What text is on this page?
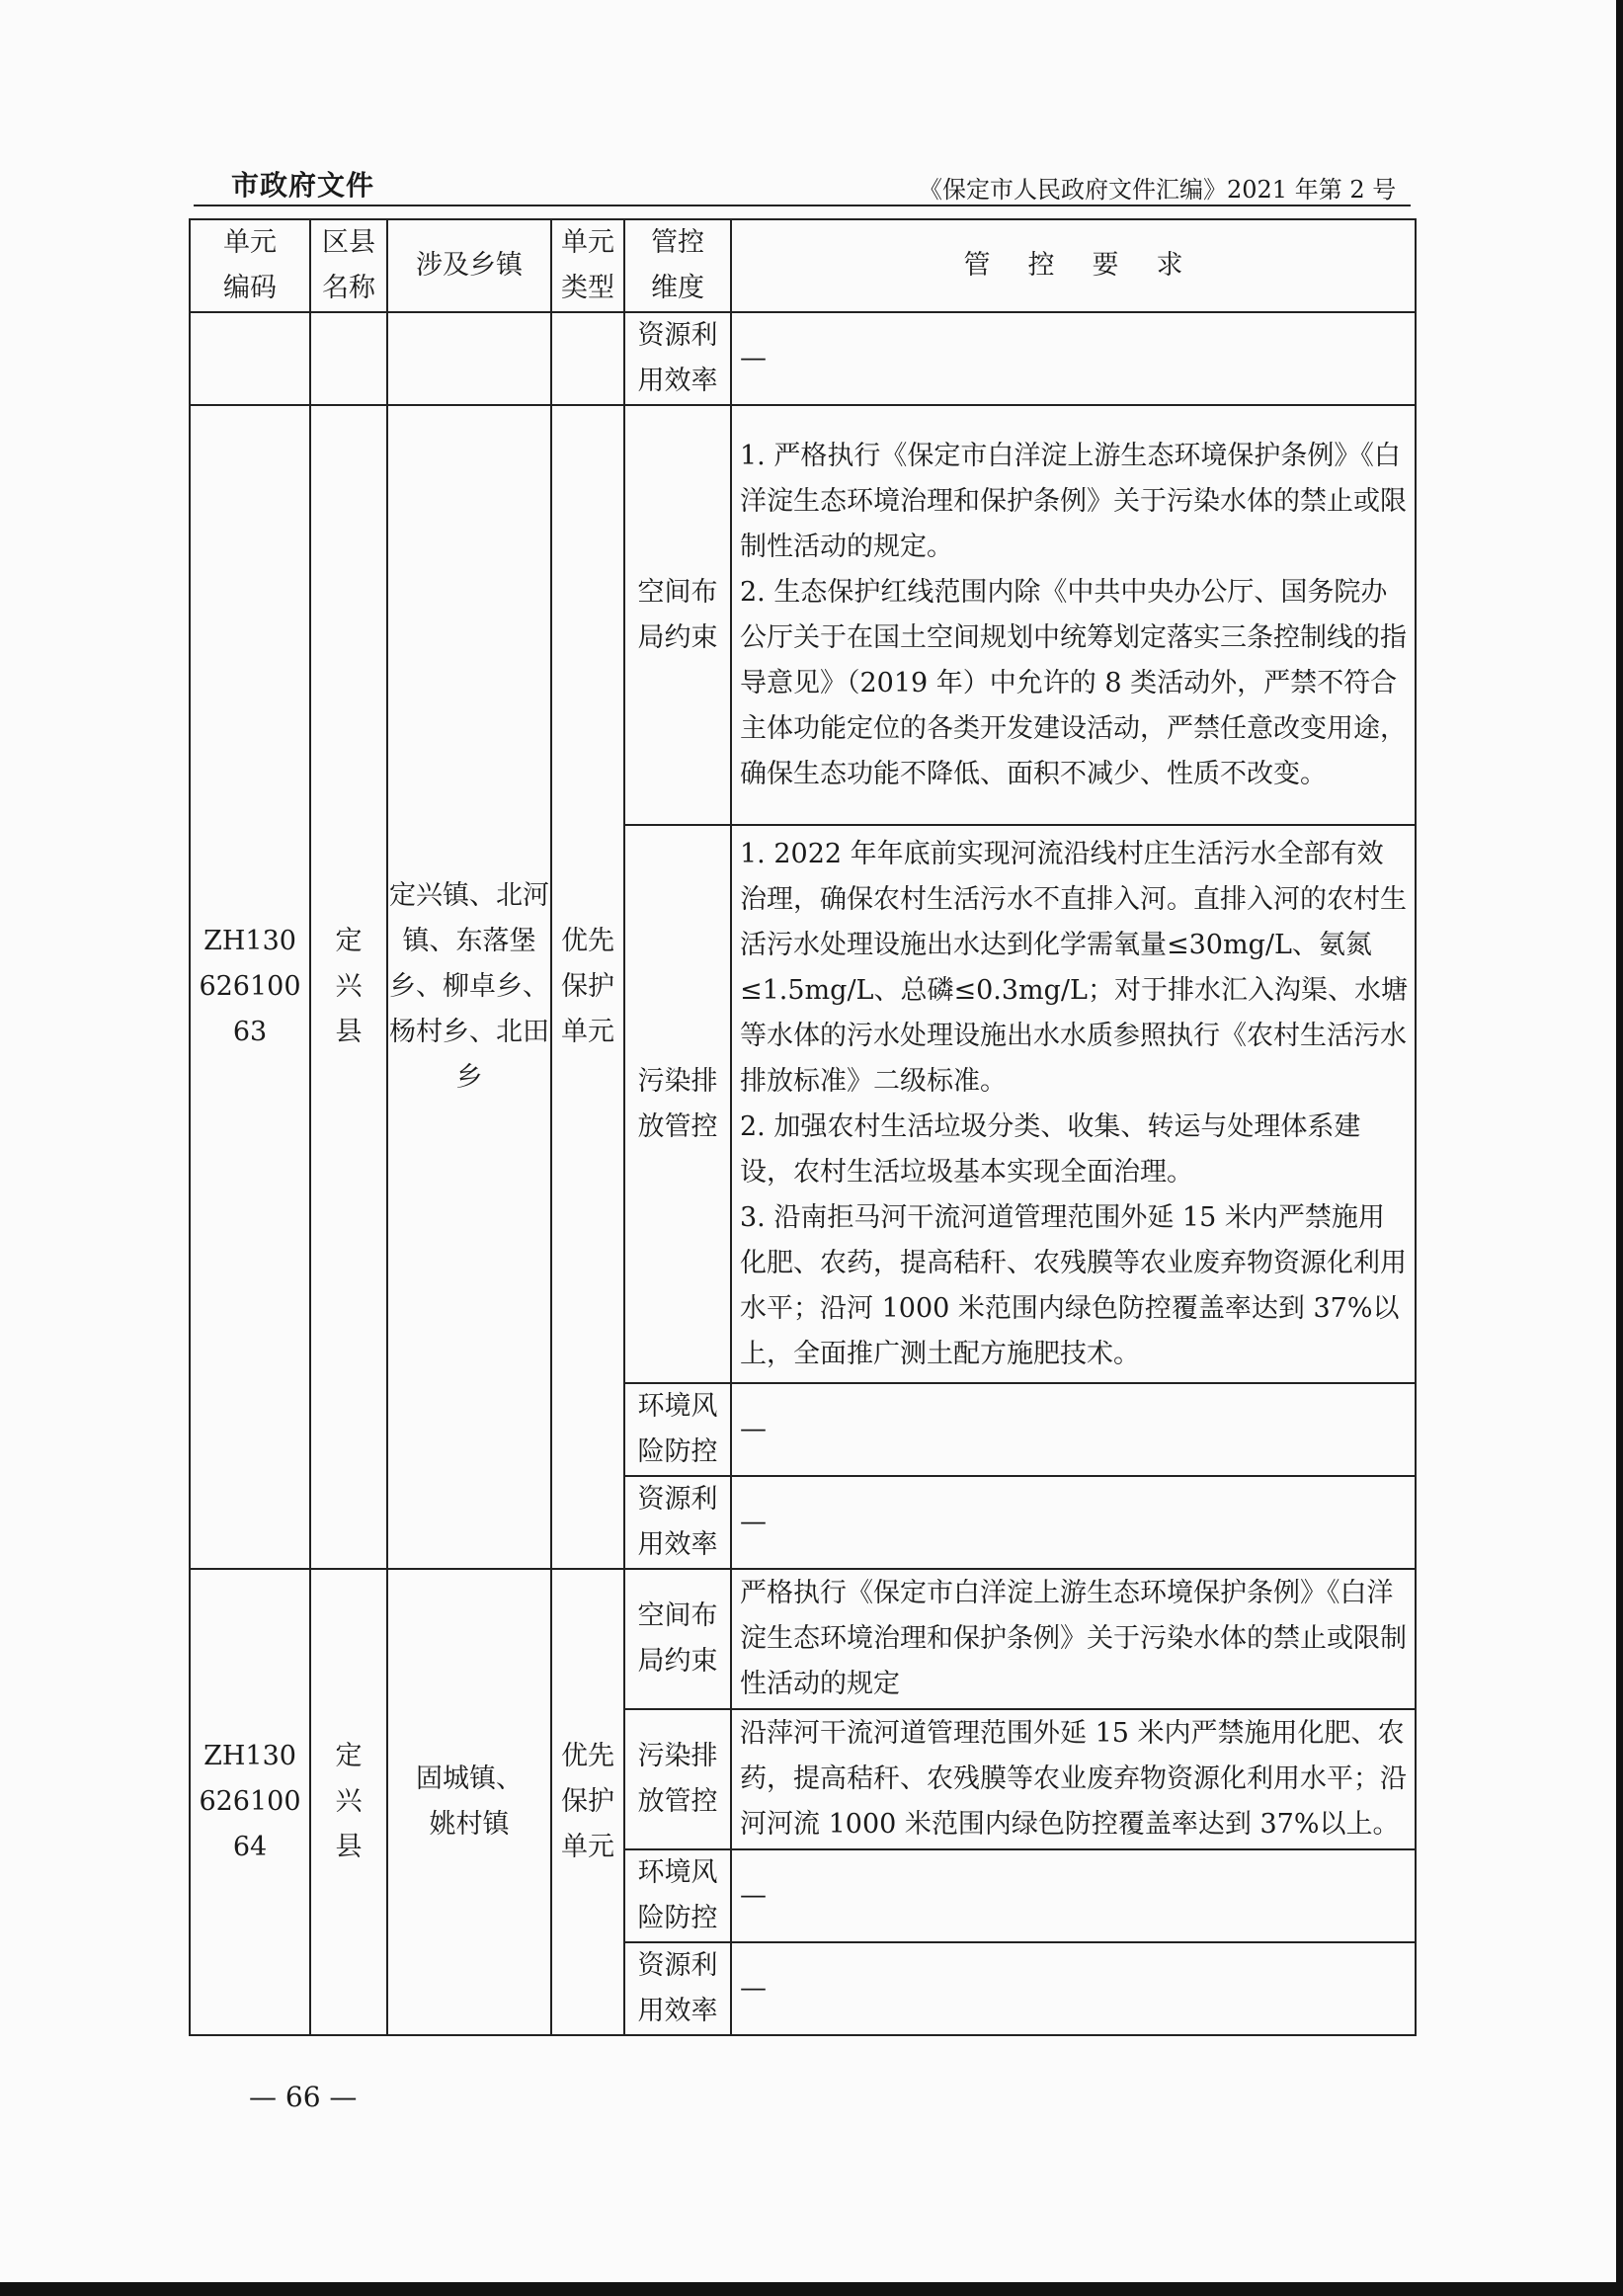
市政府文件	《保定市人民政府文件汇编》2021 年第 2 号
单元编码	区县名称	涉及乡镇	单元类型	管控维度	管控要求
				资源利用效率	—
ZH13062610063	定兴县	定兴镇、北河镇、东落堡乡、柳卓乡、杨村乡、北田乡	优先保护单元	空间布局约束	1. 严格执行《保定市白洋淀上游生态环境保护条例》《白洋淀生态环境治理和保护条例》关于污染水体的禁止或限制性活动的规定。

2. 生态保护红线范围内除《中共中央办公厅、国务院办公厅关于在国土空间规划中统筹划定落实三条控制线的指导意见》（2019 年）中允许的 8 类活动外，严禁不符合主体功能定位的各类开发建设活动，严禁任意改变用途，确保生态功能不降低、面积不减少、性质不改变。

				污染排放管控	1. 2022 年年底前实现河流沿线村庄生活污水全部有效治理，确保农村生活污水不直排入河。直排入河的农村生活污水处理设施出水达到化学需氧量≤30mg/L、氨氮≤1.5mg/L、总磷≤0.3mg/L；对于排水汇入沟渠、水塘等水体的污水处理设施出水水质参照执行《农村生活污水排放标准》二级标准。

2. 加强农村生活垃圾分类、收集、转运与处理体系建设，农村生活垃圾基本实现全面治理。

3. 沿南拒马河干流河道管理范围外延 15 米内严禁施用化肥、农药，提高秸秆、农残膜等农业废弃物资源化利用水平；沿河 1000 米范围内绿色防控覆盖率达到 37%以上，全面推广测土配方施肥技术。

				环境风险防控	—
				资源利用效率	—
ZH13062610064	定兴县	固城镇、姚村镇	优先保护单元	空间布局约束	严格执行《保定市白洋淀上游生态环境保护条例》《白洋淀生态环境治理和保护条例》关于污染水体的禁止或限制性活动的规定

				污染排放管控	沿萍河干流河道管理范围外延 15 米内严禁施用化肥、农药，提高秸秆、农残膜等农业废弃物资源化利用水平；沿河河流 1000 米范围内绿色防控覆盖率达到 37%以上。

				环境风险防控	—
				资源利用效率	—
— 66 —
